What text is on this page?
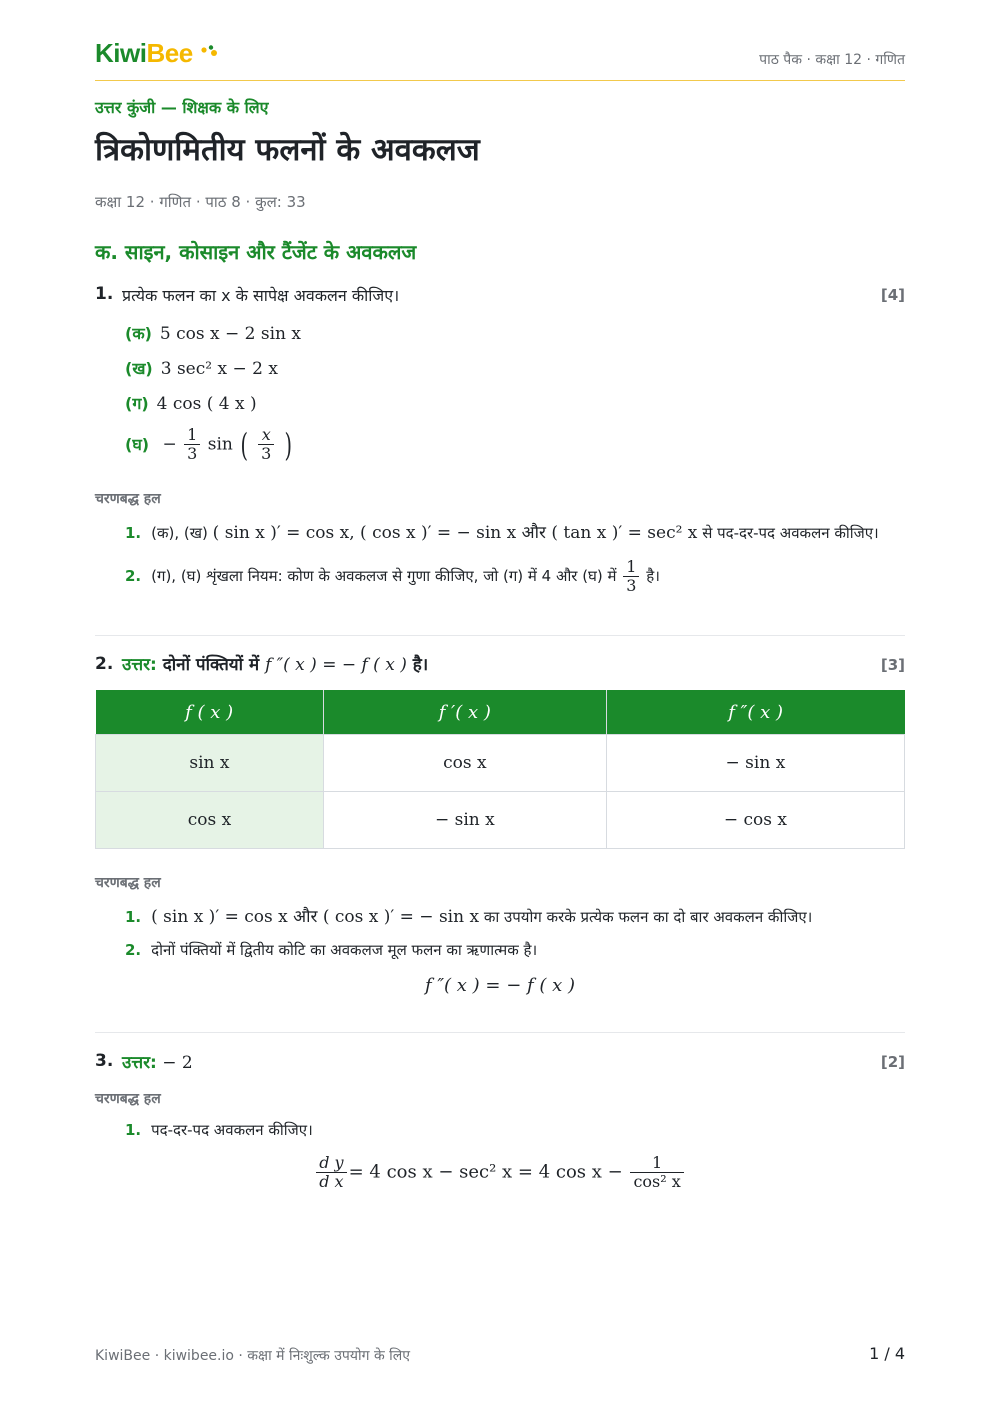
KiwiBee	पाठ पैक · कक्षा 12 · गणित
उत्तर कुंजी — शिक्षक के लिए
त्रिकोणमितीय फलनों के अवकलज
कक्षा 12 · गणित · पाठ 8 · कुल: 33
क. साइन, कोसाइन और टैंजेंट के अवकलज
1. प्रत्येक फलन का x के सापेक्ष अवकलन कीजिए।	[4]
(क) 5 cos x − 2 sin x
(ख) 3 sec² x − 2 x
(ग) 4 cos ( 4 x )
(घ) − $\frac{1}{3}$ sin ( $\frac{x}{3}$ )
चरणबद्ध हल
1. (क), (ख) ( sin x )′ = cos x, ( cos x )′ = − sin x और ( tan x )′ = sec² x से पद-दर-पद अवकलन कीजिए।
2. (ग), (घ) शृंखला नियम: कोण के अवकलज से गुणा कीजिए, जो (ग) में 4 और (घ) में $\frac{1}{3}$ है।
2. उत्तर: दोनों पंक्तियों में f ″( x ) = − f ( x ) है।	[3]
f ( x )	f ′( x )	f ″( x )
sin x	cos x	− sin x
cos x	− sin x	− cos x
चरणबद्ध हल
1. ( sin x )′ = cos x और ( cos x )′ = − sin x का उपयोग करके प्रत्येक फलन का दो बार अवकलन कीजिए।
2. दोनों पंक्तियों में द्वितीय कोटि का अवकलज मूल फलन का ऋणात्मक है।
f ″( x ) = − f ( x )
3. उत्तर: − 2	[2]
चरणबद्ध हल
1. पद-दर-पद अवकलन कीजिए।
$\frac{\text{d y}}{\text{d x}} = 4$ cos x − sec² x = 4 $\cos x - \frac{1}{\text{cos² x}}$
KiwiBee · kiwibee.io · कक्षा में निःशुल्क उपयोग के लिए	1 / 4
